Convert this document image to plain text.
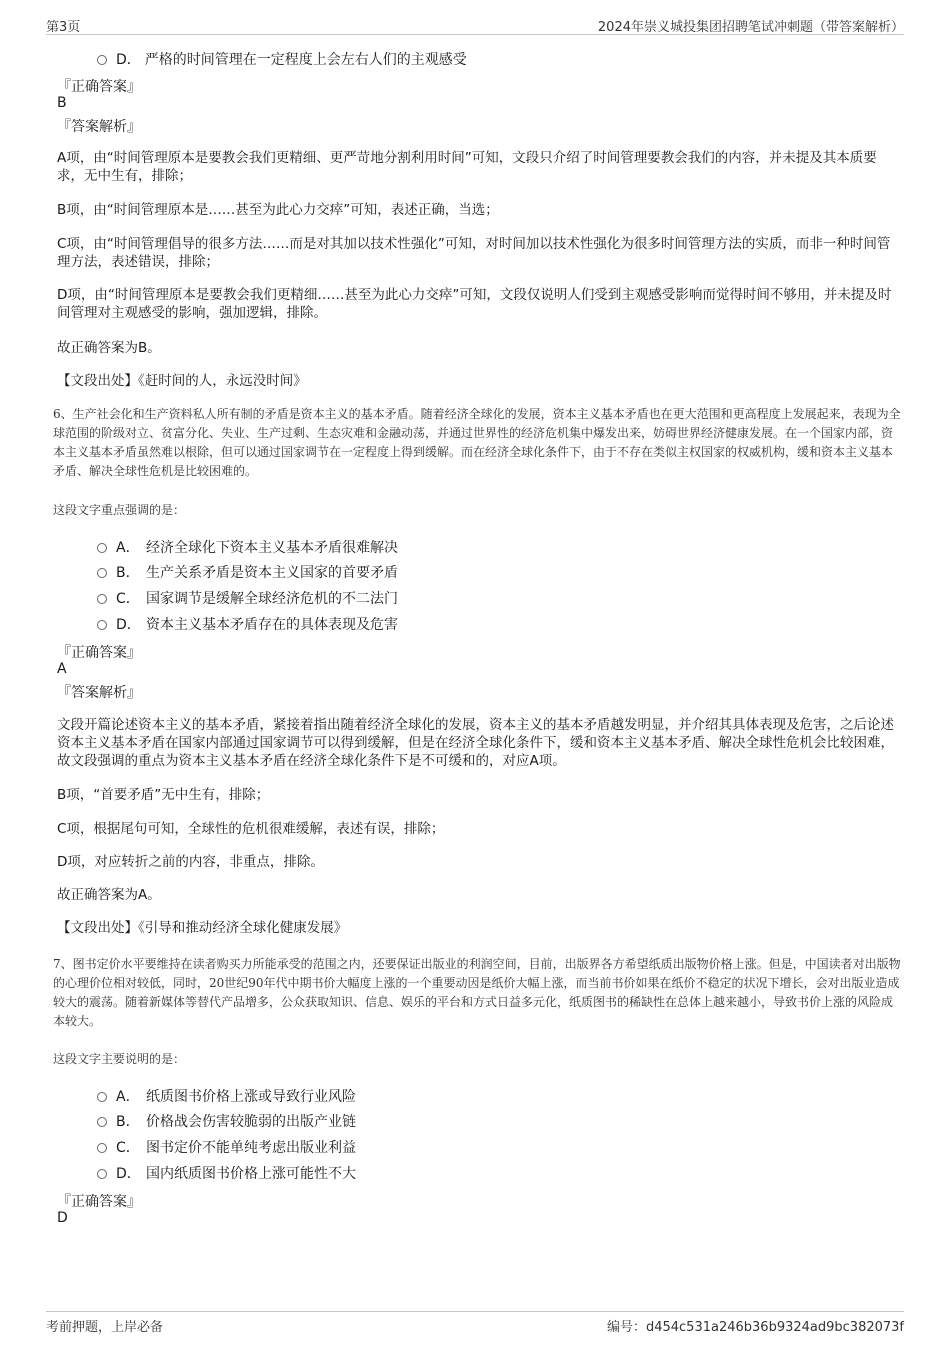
第3页	2024年崇义城投集团招聘笔试冲刺题（带答案解析）
D． 严格的时间管理在一定程度上会左右人们的主观感受
『正确答案』
B
『答案解析』
A项，由“时间管理原本是要教会我们更精细、更严苛地分割利用时间”可知，文段只介绍了时间管理要教会我们的内容，并未提及其本质要求，无中生有，排除；
B项，由“时间管理原本是……甚至为此心力交瘁”可知，表述正确，当选；
C项，由“时间管理倡导的很多方法……而是对其加以技术性强化”可知，对时间加以技术性强化为很多时间管理方法的实质，而非一种时间管理方法，表述错误，排除；
D项，由“时间管理原本是要教会我们更精细……甚至为此心力交瘁”可知，文段仅说明人们受到主观感受影响而觉得时间不够用，并未提及时间管理对主观感受的影响，强加逻辑，排除。
故正确答案为B。
【文段出处】《赶时间的人，永远没时间》
6、生产社会化和生产资料私人所有制的矛盾是资本主义的基本矛盾。随着经济全球化的发展，资本主义基本矛盾也在更大范围和更高程度上发展起来，表现为全球范围的阶级对立、贫富分化、失业、生产过剩、生态灾难和金融动荡，并通过世界性的经济危机集中爆发出来，妨碍世界经济健康发展。在一个国家内部，资本主义基本矛盾虽然难以根除，但可以通过国家调节在一定程度上得到缓解。而在经济全球化条件下，由于不存在类似主权国家的权威机构，缓和资本主义基本矛盾、解决全球性危机是比较困难的。
这段文字重点强调的是：
A． 经济全球化下资本主义基本矛盾很难解决
B． 生产关系矛盾是资本主义国家的首要矛盾
C． 国家调节是缓解全球经济危机的不二法门
D． 资本主义基本矛盾存在的具体表现及危害
『正确答案』
A
『答案解析』
文段开篇论述资本主义的基本矛盾，紧接着指出随着经济全球化的发展，资本主义的基本矛盾越发明显，并介绍其具体表现及危害，之后论述资本主义基本矛盾在国家内部通过国家调节可以得到缓解，但是在经济全球化条件下，缓和资本主义基本矛盾、解决全球性危机会比较困难，故文段强调的重点为资本主义基本矛盾在经济全球化条件下是不可缓和的，对应A项。
B项，“首要矛盾”无中生有，排除；
C项，根据尾句可知，全球性的危机很难缓解，表述有误，排除；
D项，对应转折之前的内容，非重点，排除。
故正确答案为A。
【文段出处】《引导和推动经济全球化健康发展》
7、图书定价水平要维持在读者购买力所能承受的范围之内，还要保证出版业的利润空间，目前，出版界各方希望纸质出版物价格上涨。但是，中国读者对出版物的心理价位相对较低，同时，20世纪90年代中期书价大幅度上涨的一个重要动因是纸价大幅上涨，而当前书价如果在纸价不稳定的状况下增长，会对出版业造成较大的震荡。随着新媒体等替代产品增多，公众获取知识、信息、娱乐的平台和方式日益多元化，纸质图书的稀缺性在总体上越来越小，导致书价上涨的风险成本较大。
这段文字主要说明的是：
A． 纸质图书价格上涨或导致行业风险
B． 价格战会伤害较脆弱的出版产业链
C． 图书定价不能单纯考虑出版业利益
D． 国内纸质图书价格上涨可能性不大
『正确答案』
D
考前押题，上岸必备	编号：d454c531a246b36b9324ad9bc382073f
